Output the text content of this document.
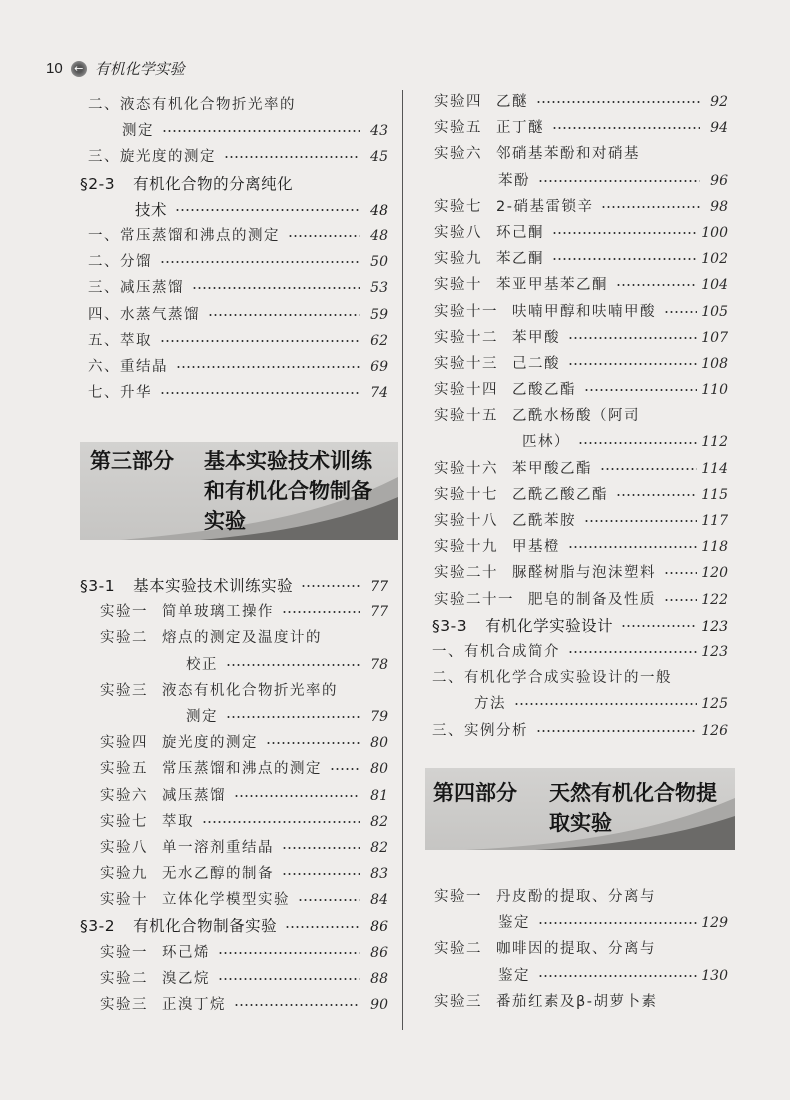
10	← 有机化学实验
二、 液态有机化合物折光率的
测定	43
三、 旋光度的测定	45
§2-3 有机化合物的分离纯化
技术	48
一、 常压蒸馏和沸点的测定	48
二、 分馏	50
三、 减压蒸馏	53
四、 水蒸气蒸馏	59
五、 萃取	62
六、 重结晶	69
七、 升华	74
第三部分 基本实验技术训练
和有机化合物制备
实验
§3-1 基本实验技术训练实验	77
实验一 简单玻璃工操作	77
实验二 熔点的测定及温度计的
校正	78
实验三 液态有机化合物折光率的
测定	79
实验四 旋光度的测定	80
实验五 常压蒸馏和沸点的测定	80
实验六 减压蒸馏	81
实验七 萃取	82
实验八 单一溶剂重结晶	82
实验九 无水乙醇的制备	83
实验十 立体化学模型实验	84
§3-2 有机化合物制备实验	86
实验一 环己烯	86
实验二 溴乙烷	88
实验三 正溴丁烷	90
实验四 乙醚	92
实验五 正丁醚	94
实验六 邻硝基苯酚和对硝基
苯酚	96
实验七 2-硝基雷锁辛	98
实验八 环己酮	100
实验九 苯乙酮	102
实验十 苯亚甲基苯乙酮	104
实验十一 呋喃甲醇和呋喃甲酸	105
实验十二 苯甲酸	107
实验十三 己二酸	108
实验十四 乙酸乙酯	110
实验十五 乙酰水杨酸（阿司
匹林）	112
实验十六 苯甲酸乙酯	114
实验十七 乙酰乙酸乙酯	115
实验十八 乙酰苯胺	117
实验十九 甲基橙	118
实验二十 脲醛树脂与泡沫塑料	120
实验二十一 肥皂的制备及性质	122
§3-3 有机化学实验设计	123
一、 有机合成简介	123
二、 有机化学合成实验设计的一般
方法	125
三、 实例分析	126
第四部分 天然有机化合物提
取实验
实验一 丹皮酚的提取、分离与
鉴定	129
实验二 咖啡因的提取、分离与
鉴定	130
实验三 番茄红素及β-胡萝卜素
